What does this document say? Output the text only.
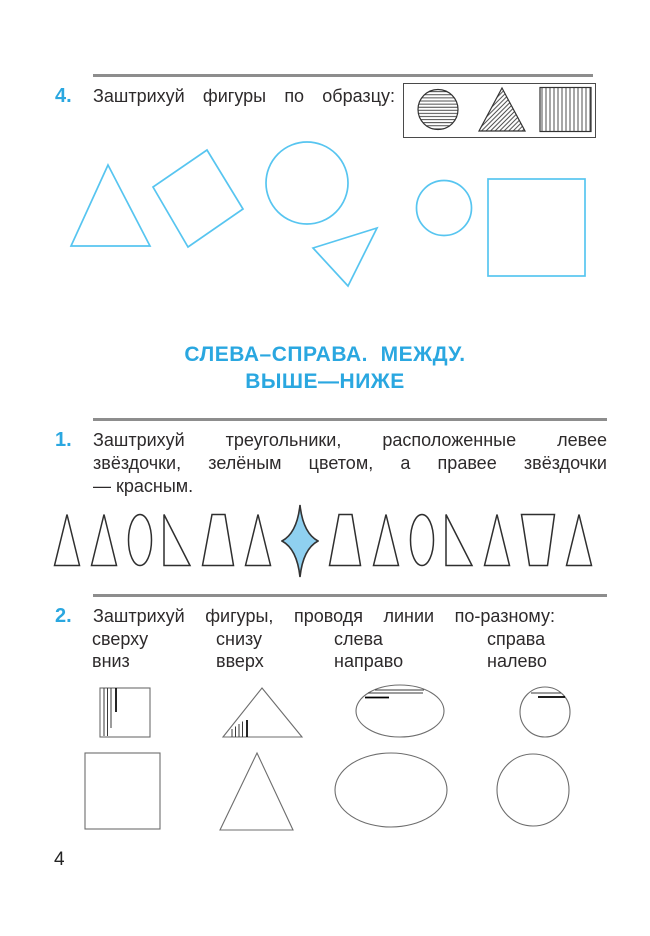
4. Заштрихуй фигуры по образцу:
СЛЕВА–СПРАВА.  МЕЖДУ.
ВЫШЕ—НИЖЕ
1. Заштрихуй треугольники, расположенные левее
звёздочки, зелёным цветом, а правее звёздочки
— красным.
2. Заштрихуй фигуры, проводя линии по-разному:
сверху
вниз
снизу
вверх
слева
направо
справа
налево
4
